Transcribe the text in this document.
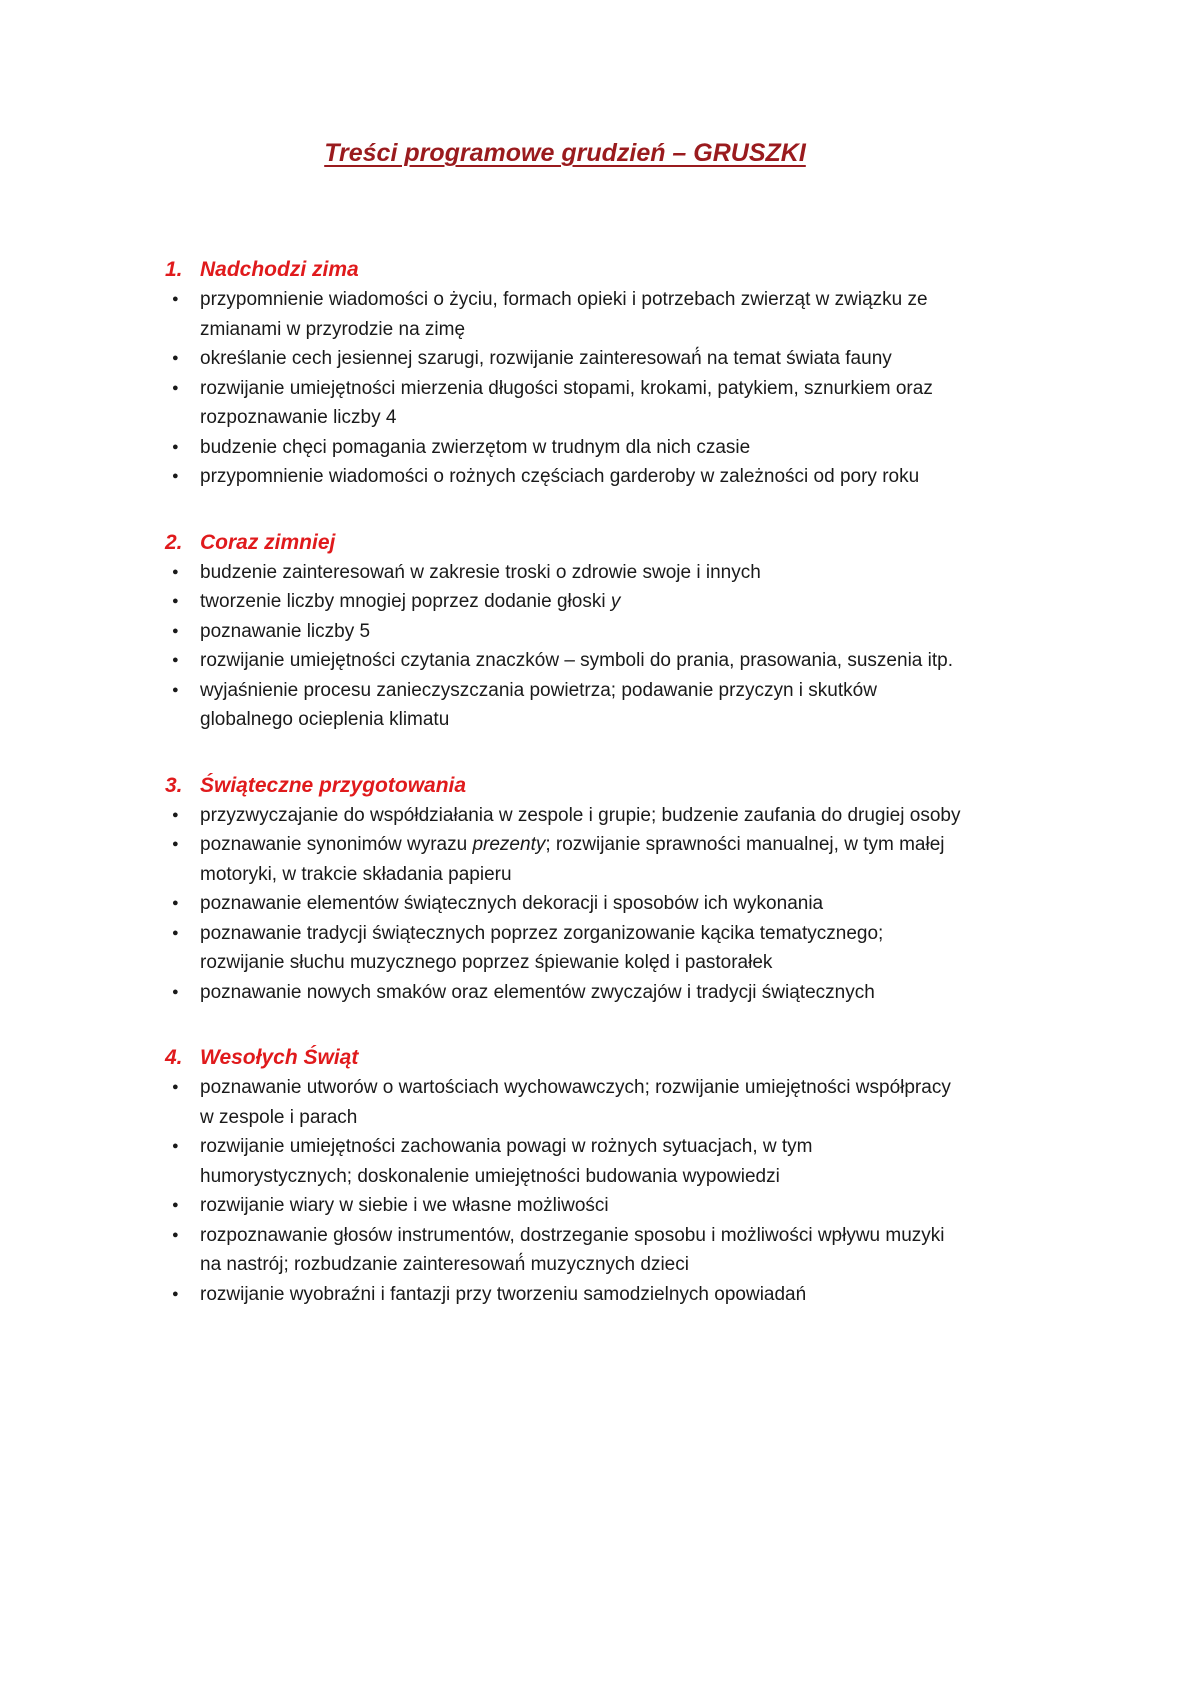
Treści programowe grudzień – GRUSZKI
1. Nadchodzi zima
●	przypomnienie wiadomości o życiu, formach opieki i potrzebach zwierząt w związku ze zmianami w przyrodzie na zimę
●	określanie cech jesiennej szarugi, rozwijanie zainteresowań́ na temat świata fauny
●	rozwijanie umiejętności mierzenia długości stopami, krokami, patykiem, sznurkiem oraz rozpoznawanie liczby 4
●	budzenie chęci pomagania zwierzętom w trudnym dla nich czasie
●	przypomnienie wiadomości o rożnych częściach garderoby w zależności od pory roku
2. Coraz zimniej
●	budzenie zainteresowań w zakresie troski o zdrowie swoje i innych
●	tworzenie liczby mnogiej poprzez dodanie głoski y
●	poznawanie liczby 5
●	rozwijanie umiejętności czytania znaczków – symboli do prania, prasowania, suszenia itp.
●	wyjaśnienie procesu zanieczyszczania powietrza; podawanie przyczyn i skutków globalnego ocieplenia klimatu
3. Świąteczne przygotowania
●	przyzwyczajanie do współdziałania w zespole i grupie; budzenie zaufania do drugiej osoby
●	poznawanie synonimów wyrazu prezenty; rozwijanie sprawności manualnej, w tym małej motoryki, w trakcie składania papieru
●	poznawanie elementów świątecznych dekoracji i sposobów ich wykonania
●	poznawanie tradycji świątecznych poprzez zorganizowanie kącika tematycznego; rozwijanie słuchu muzycznego poprzez śpiewanie kolęd i pastorałek
●	poznawanie nowych smaków oraz elementów zwyczajów i tradycji świątecznych
4. Wesołych Świąt
●	poznawanie utworów o wartościach wychowawczych; rozwijanie umiejętności współpracy w zespole i parach
●	rozwijanie umiejętności zachowania powagi w rożnych sytuacjach, w tym humorystycznych; doskonalenie umiejętności budowania wypowiedzi
●	rozwijanie wiary w siebie i we własne możliwości
●	rozpoznawanie głosów instrumentów, dostrzeganie sposobu i możliwości wpływu muzyki na nastrój; rozbudzanie zainteresowań́ muzycznych dzieci
●	rozwijanie wyobraźni i fantazji przy tworzeniu samodzielnych opowiadań
